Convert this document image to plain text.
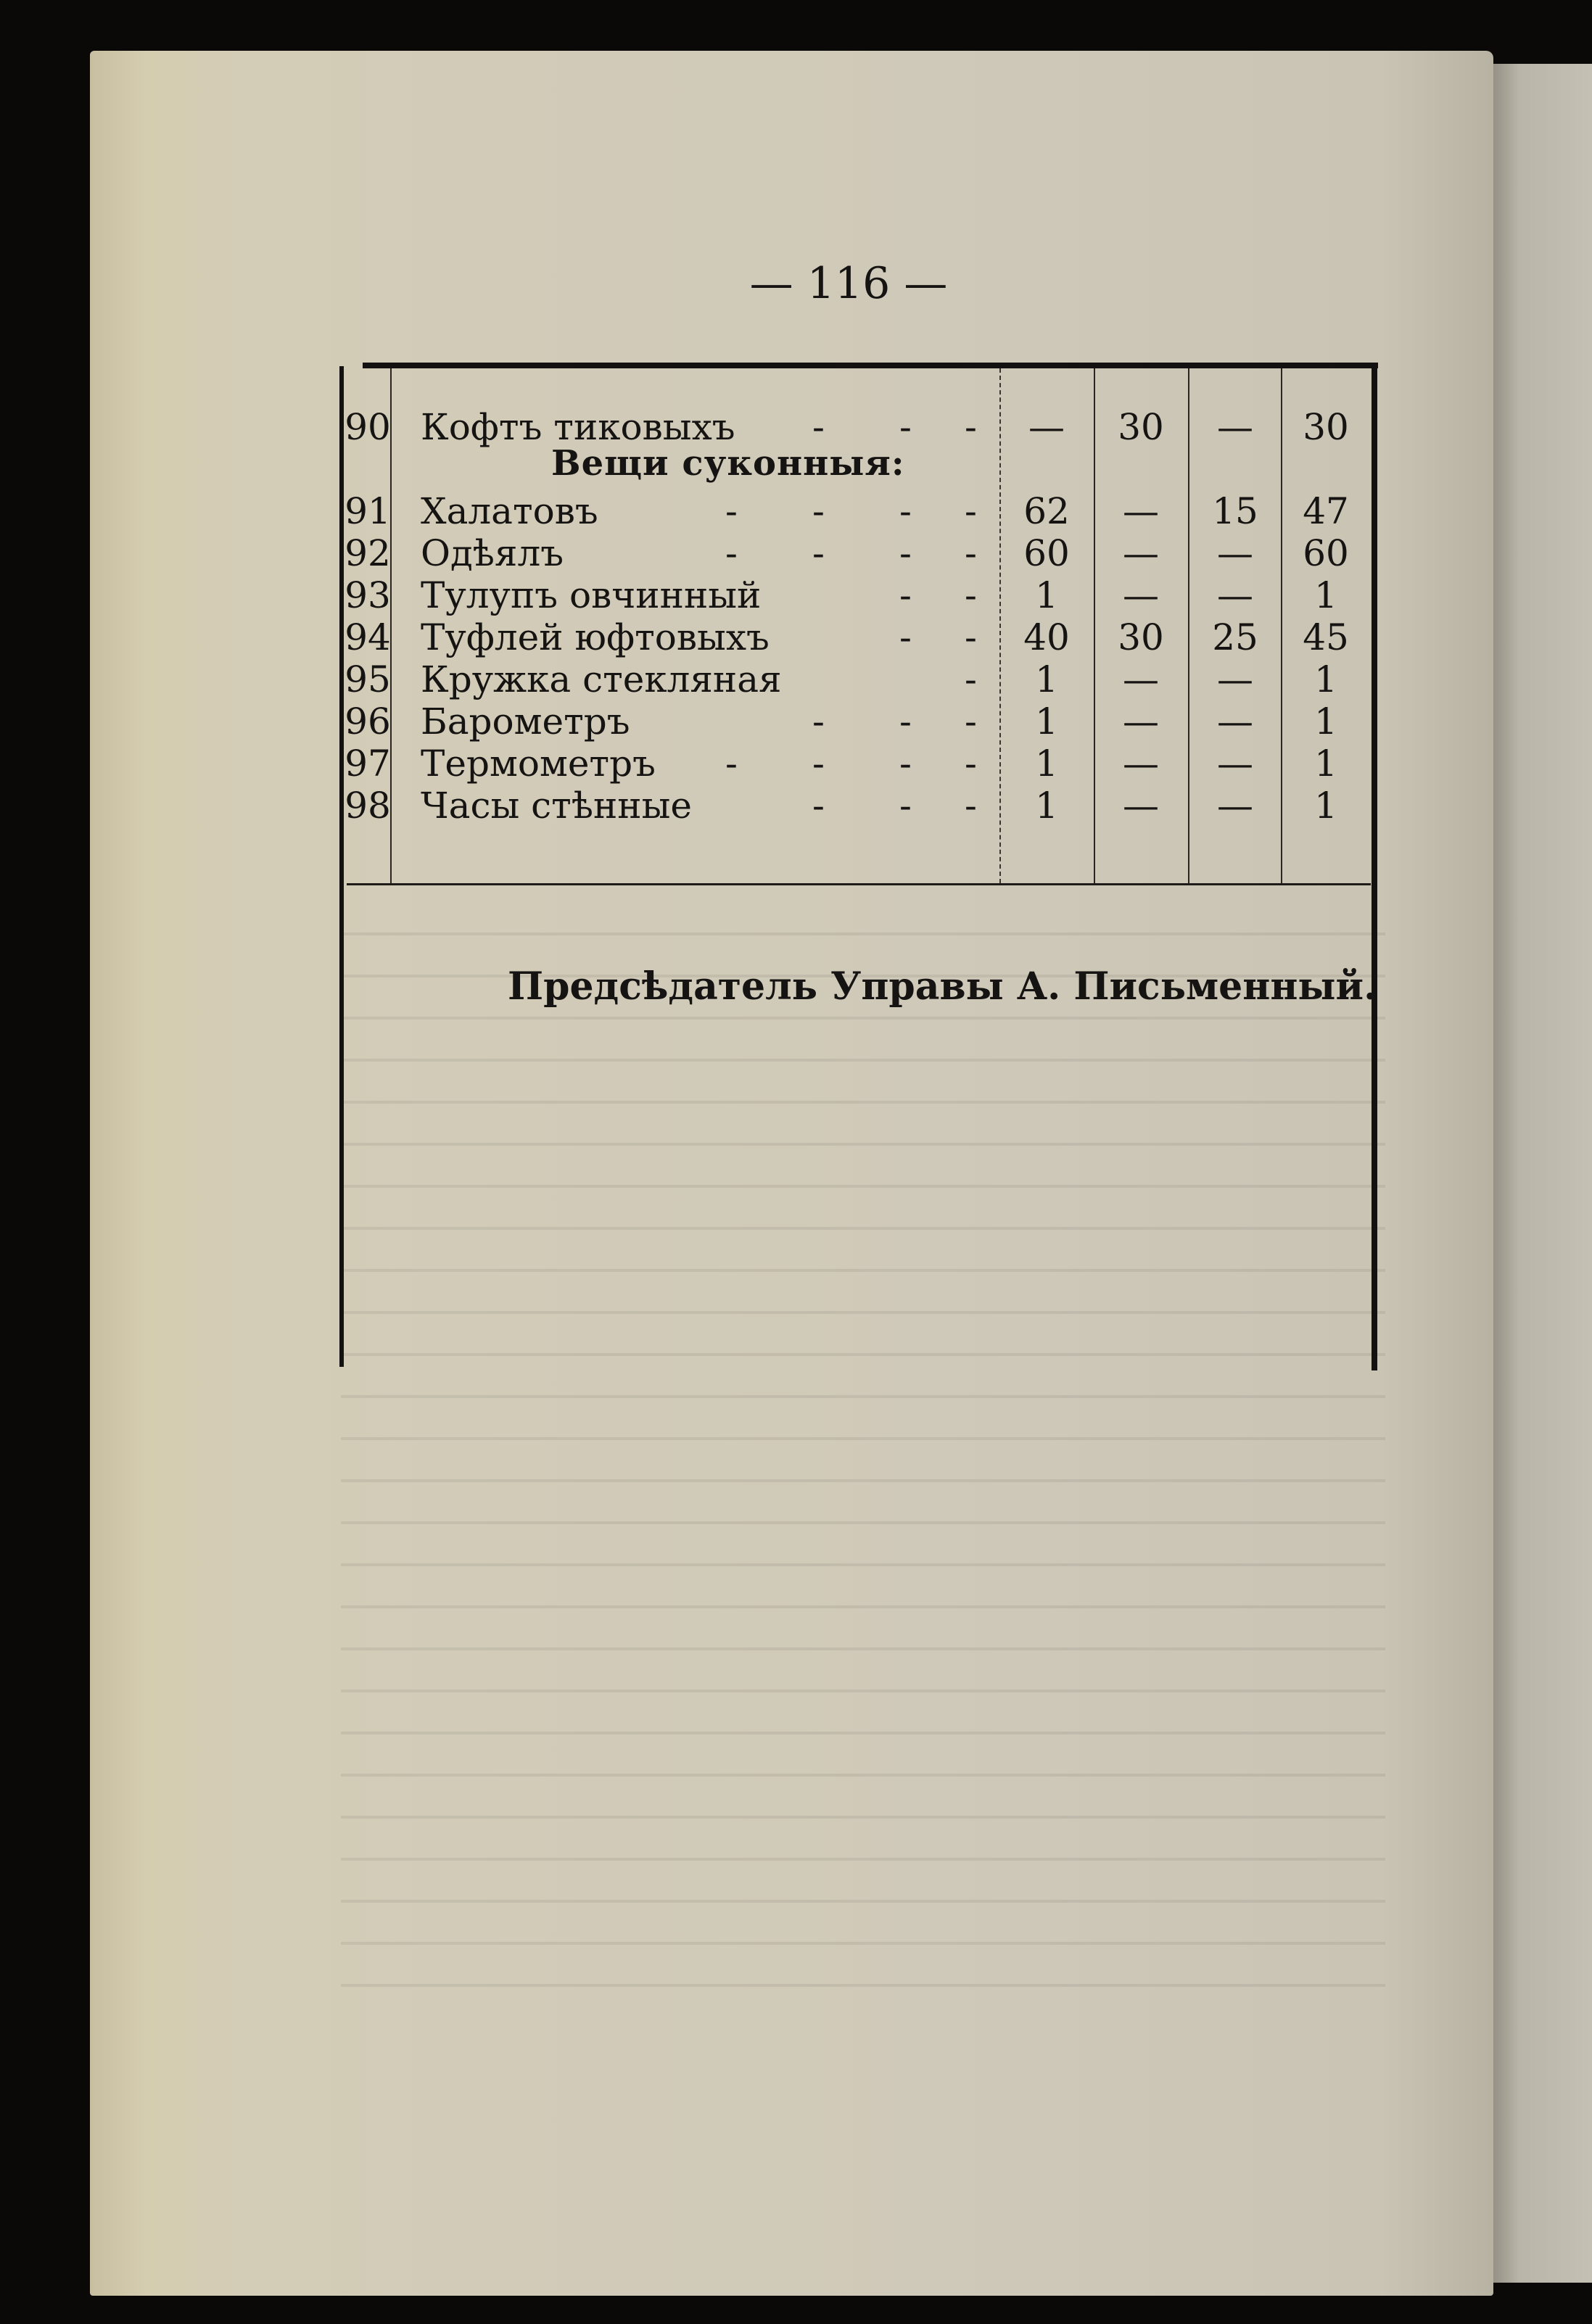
— 116 —
Вещи суконныя:
90 Кофтъ тиковыхъ - - -	—	30	—	30
91 Халатовъ	- - - -	62	—	15	47
92 Одѣялъ	- - - -	60	—	—	60
93 Тулупъ овчинный	- -	1	—	—	1
94 Туфлей юфтовыхъ	- -	40	30	25	45
95 Кружка стекляная	-	1	—	—	1
96 Барометръ	- - -	1	—	—	1
97 Термометръ - - - -	1	—	—	1
98 Часы стѣнные	- - -	1	—	—	1
Предсѣдатель Управы А. Письменный.
